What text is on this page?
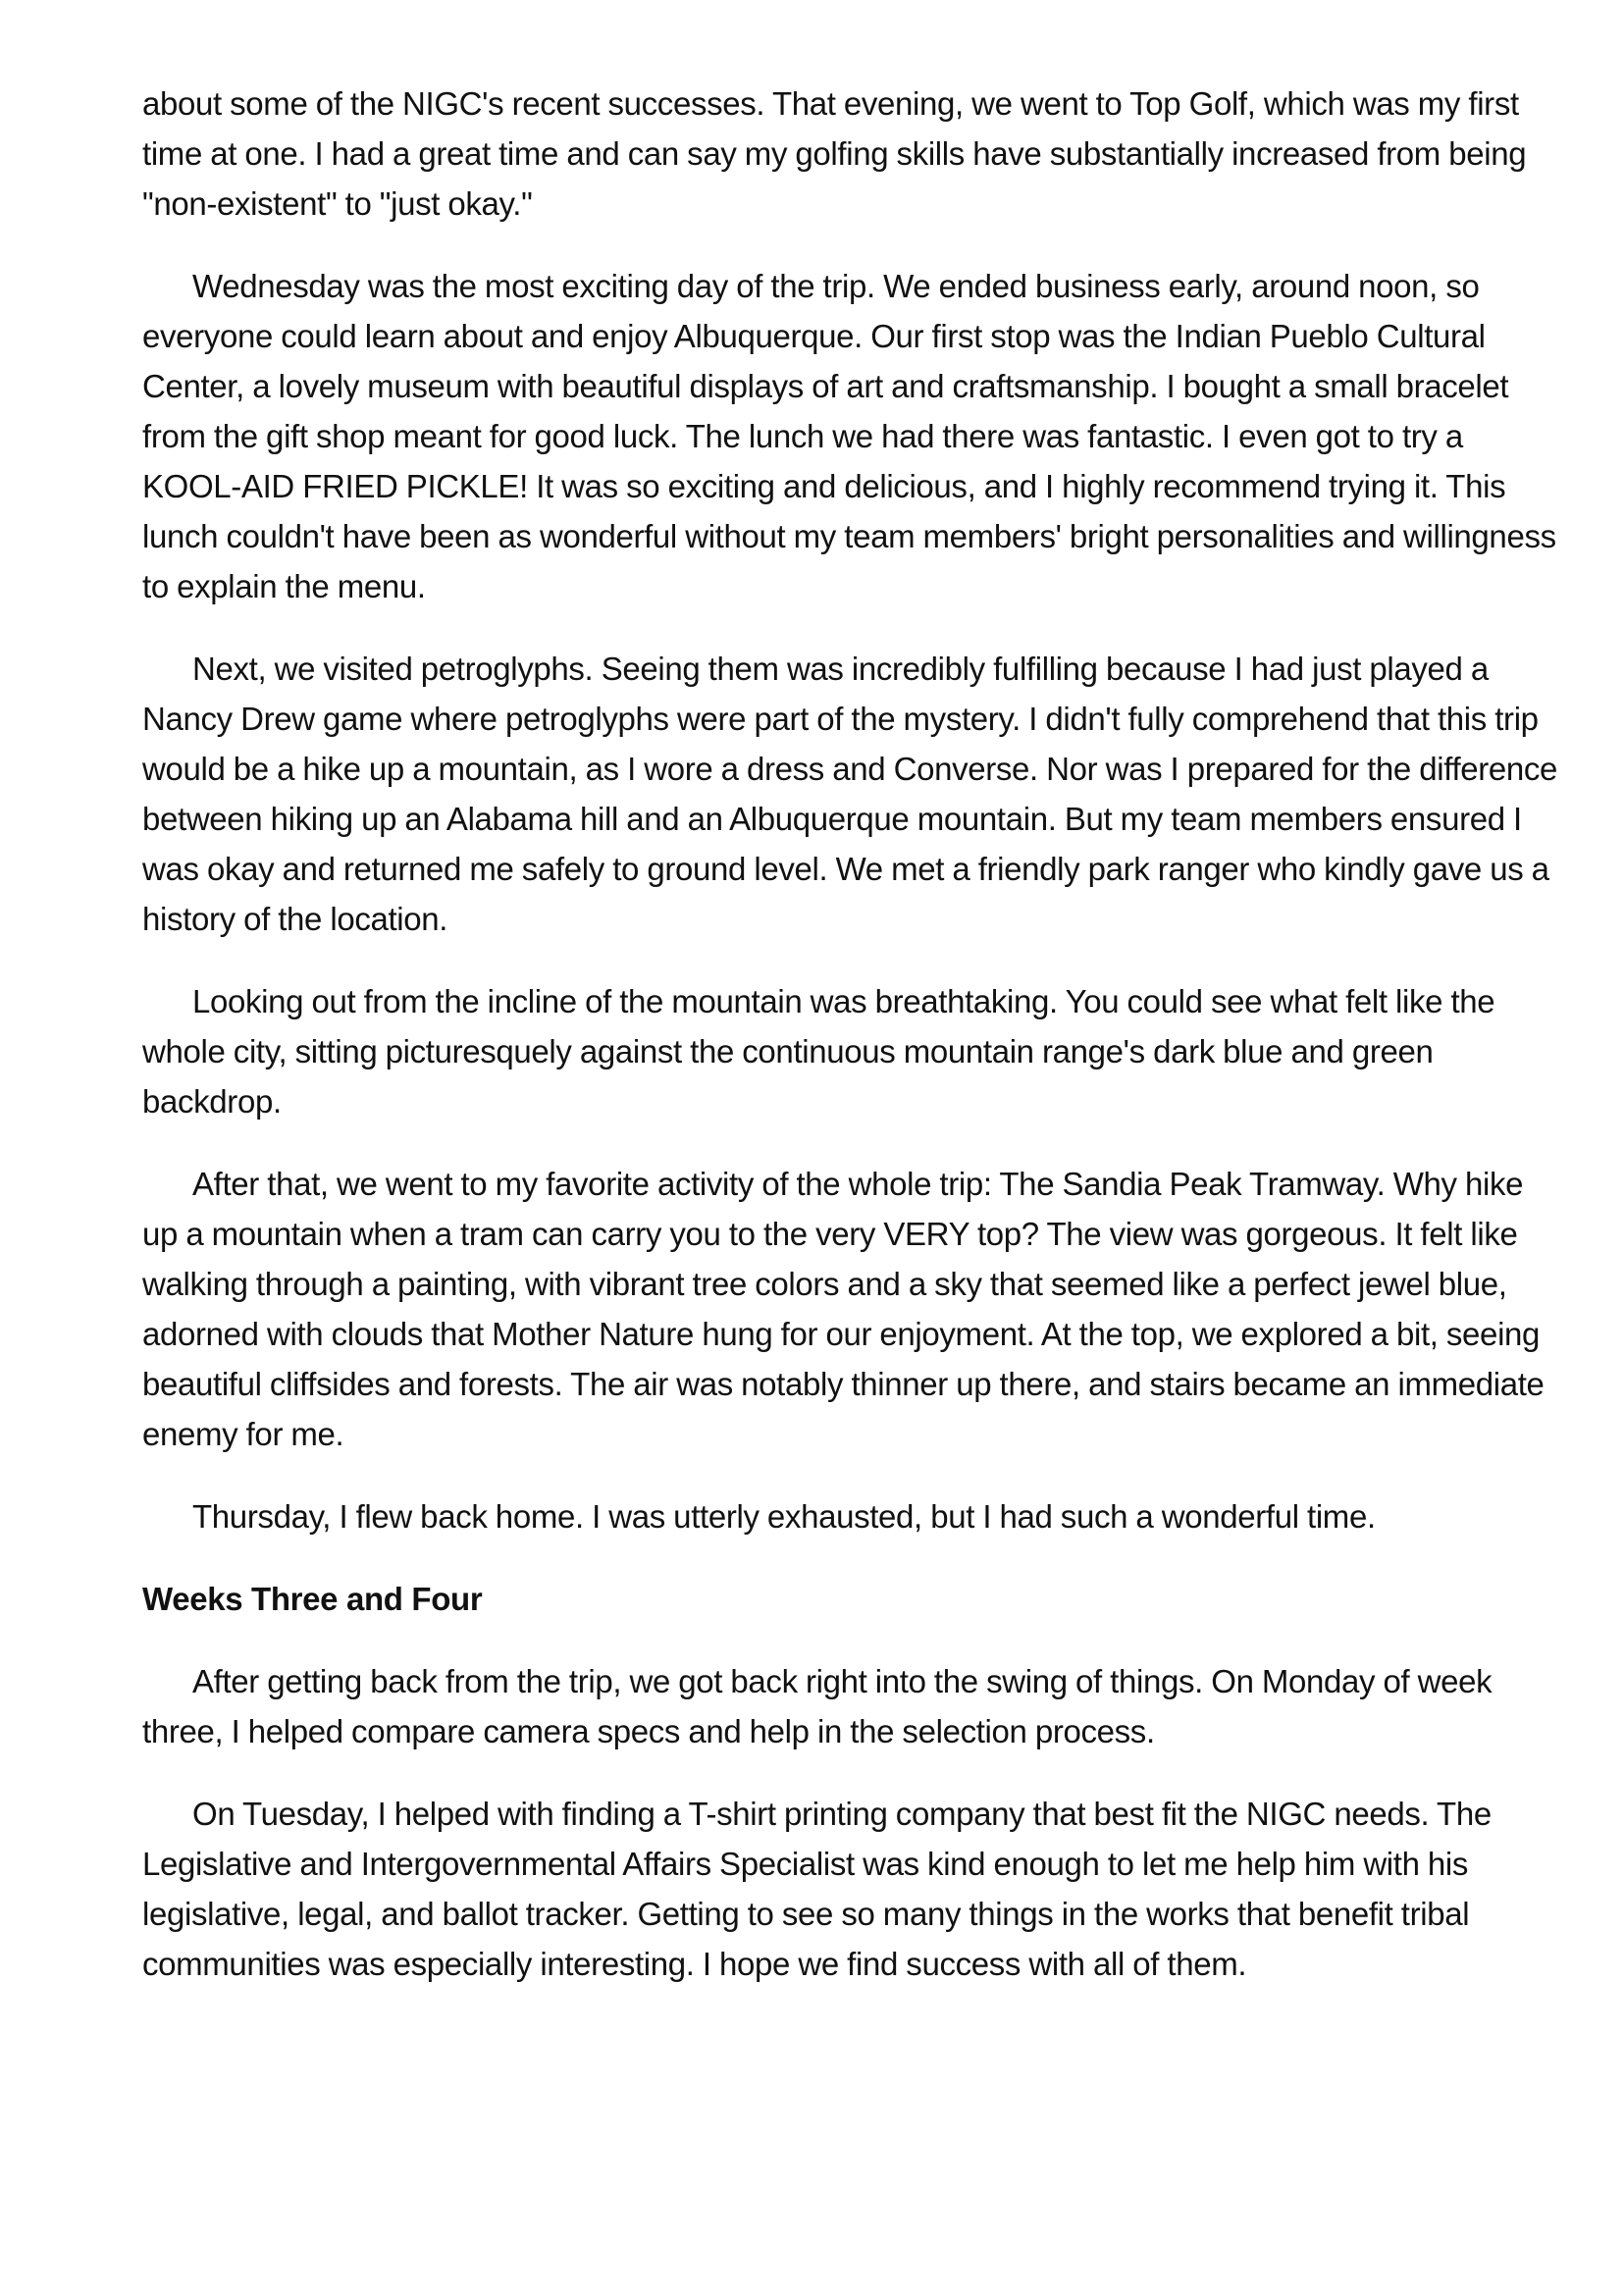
about some of the NIGC's recent successes. That evening, we went to Top Golf, which was my first time at one. I had a great time and can say my golfing skills have substantially increased from being "non-existent" to "just okay."

Wednesday was the most exciting day of the trip. We ended business early, around noon, so everyone could learn about and enjoy Albuquerque. Our first stop was the Indian Pueblo Cultural Center, a lovely museum with beautiful displays of art and craftsmanship. I bought a small bracelet from the gift shop meant for good luck. The lunch we had there was fantastic. I even got to try a KOOL-AID FRIED PICKLE! It was so exciting and delicious, and I highly recommend trying it. This lunch couldn't have been as wonderful without my team members' bright personalities and willingness to explain the menu.

Next, we visited petroglyphs. Seeing them was incredibly fulfilling because I had just played a Nancy Drew game where petroglyphs were part of the mystery. I didn't fully comprehend that this trip would be a hike up a mountain, as I wore a dress and Converse. Nor was I prepared for the difference between hiking up an Alabama hill and an Albuquerque mountain. But my team members ensured I was okay and returned me safely to ground level. We met a friendly park ranger who kindly gave us a history of the location.

Looking out from the incline of the mountain was breathtaking. You could see what felt like the whole city, sitting picturesquely against the continuous mountain range's dark blue and green backdrop.

After that, we went to my favorite activity of the whole trip: The Sandia Peak Tramway. Why hike up a mountain when a tram can carry you to the very VERY top? The view was gorgeous. It felt like walking through a painting, with vibrant tree colors and a sky that seemed like a perfect jewel blue, adorned with clouds that Mother Nature hung for our enjoyment. At the top, we explored a bit, seeing beautiful cliffsides and forests. The air was notably thinner up there, and stairs became an immediate enemy for me.

Thursday, I flew back home. I was utterly exhausted, but I had such a wonderful time.

Weeks Three and Four

After getting back from the trip, we got back right into the swing of things. On Monday of week three, I helped compare camera specs and help in the selection process.

On Tuesday, I helped with finding a T-shirt printing company that best fit the NIGC needs. The Legislative and Intergovernmental Affairs Specialist was kind enough to let me help him with his legislative, legal, and ballot tracker. Getting to see so many things in the works that benefit tribal communities was especially interesting. I hope we find success with all of them.
